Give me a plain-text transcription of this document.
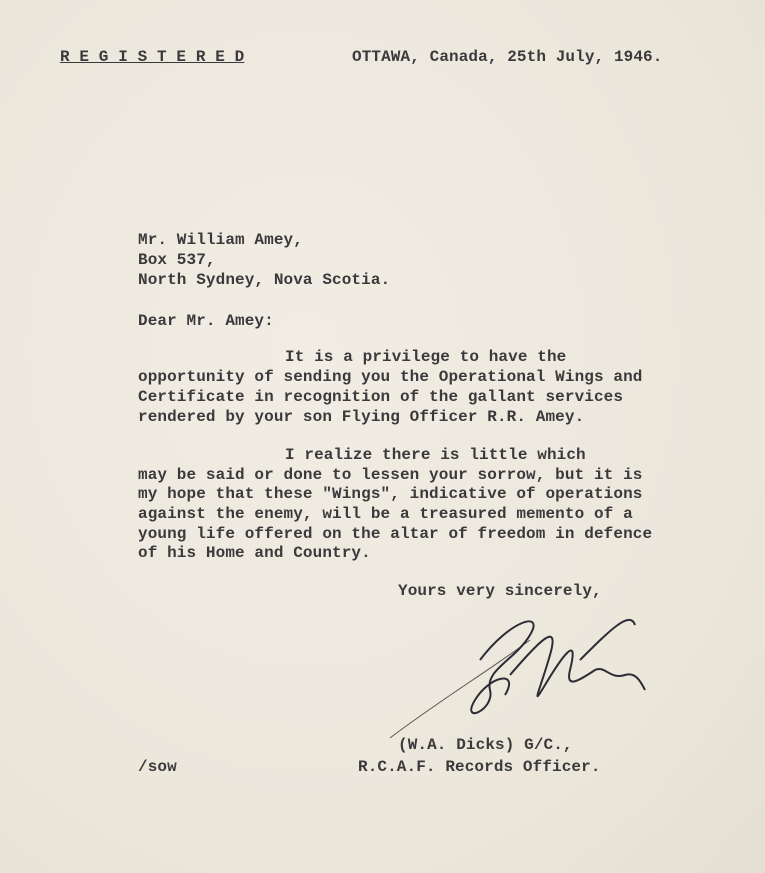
R E G I S T E R E D	OTTAWA, Canada, 25th July, 1946.
Mr. William Amey,
Box 537,
North Sydney, Nova Scotia.
Dear Mr. Amey:
It is a privilege to have the
opportunity of sending you the Operational Wings and
Certificate in recognition of the gallant services
rendered by your son Flying Officer R.R. Amey.
I realize there is little which
may be said or done to lessen your sorrow, but it is
my hope that these "Wings", indicative of operations
against the enemy, will be a treasured memento of a
young life offered on the altar of freedom in defence
of his Home and Country.
Yours very sincerely,
(W.A. Dicks) G/C.,
R.C.A.F. Records Officer.
/sow
